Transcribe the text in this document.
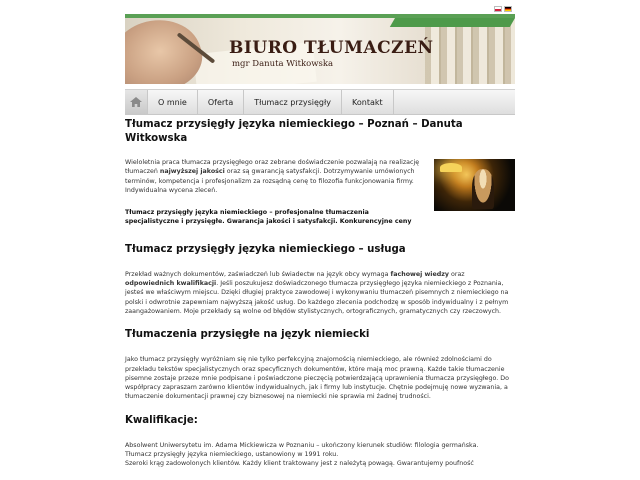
BIURO TŁUMACZEŃ
mgr Danuta Witkowska
O mnie	Oferta	Tłumacz przysięgły	Kontakt
Tłumacz przysięgły języka niemieckiego – Poznań – Danuta Witkowska

Wieloletnia praca tłumacza przysięgłego oraz zebrane doświadczenie pozwalają na realizację tłumaczeń najwyższej jakości oraz są gwarancją satysfakcji. Dotrzymywanie umówionych terminów, kompetencja i profesjonalizm za rozsądną cenę to filozofia funkcjonowania firmy. Indywidualna wycena zleceń.

Tłumacz przysięgły języka niemieckiego – profesjonalne tłumaczenia specjalistyczne i przysięgłe. Gwarancja jakości i satysfakcji. Konkurencyjne ceny

Tłumacz przysięgły języka niemieckiego – usługa

Przekład ważnych dokumentów, zaświadczeń lub świadectw na język obcy wymaga fachowej wiedzy oraz odpowiednich kwalifikacji. Jeśli poszukujesz doświadczonego tłumacza przysięgłego języka niemieckiego z Poznania, jesteś we właściwym miejscu. Dzięki długiej praktyce zawodowej i wykonywaniu tłumaczeń pisemnych z niemieckiego na polski i odwrotnie zapewniam najwyższą jakość usług. Do każdego zlecenia podchodzę w sposób indywidualny i z pełnym zaangażowaniem. Moje przekłady są wolne od błędów stylistycznych, ortograficznych, gramatycznych czy rzeczowych.

Tłumaczenia przysięgłe na język niemiecki

Jako tłumacz przysięgły wyróżniam się nie tylko perfekcyjną znajomością niemieckiego, ale również zdolnościami do przekładu tekstów specjalistycznych oraz specyficznych dokumentów, które mają moc prawną. Każde takie tłumaczenie pisemne zostaje przeze mnie podpisane i poświadczone pieczęcią potwierdzającą uprawnienia tłumacza przysięgłego. Do współpracy zapraszam zarówno klientów indywidualnych, jak i firmy lub instytucje. Chętnie podejmuję nowe wyzwania, a tłumaczenie dokumentacji prawnej czy biznesowej na niemiecki nie sprawia mi żadnej trudności.

Kwalifikacje:

Absolwent Uniwersytetu im. Adama Mickiewicza w Poznaniu – ukończony kierunek studiów: filologia germańska.
Tłumacz przysięgły języka niemieckiego, ustanowiony w 1991 roku.
Szeroki krąg zadowolonych klientów. Każdy klient traktowany jest z należytą powagą. Gwarantujemy poufność
